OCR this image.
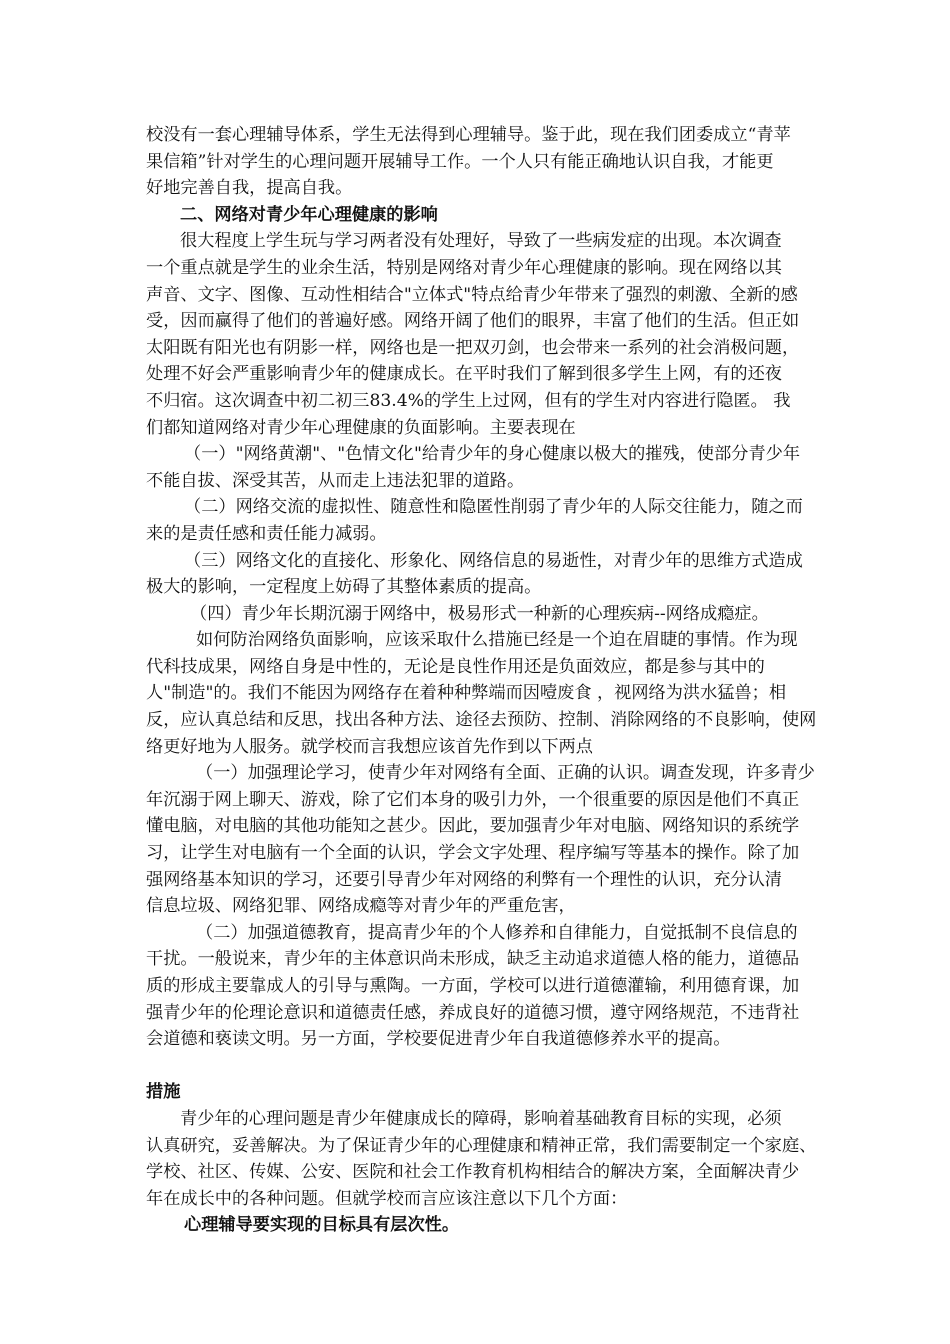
校没有一套心理辅导体系，学生无法得到心理辅导。鉴于此，现在我们团委成立“青苹
果信箱”针对学生的心理问题开展辅导工作。一个人只有能正确地认识自我，才能更
好地完善自我，提高自我。
二、网络对青少年心理健康的影响
很大程度上学生玩与学习两者没有处理好，导致了一些病发症的出现。本次调查
一个重点就是学生的业余生活，特别是网络对青少年心理健康的影响。现在网络以其
声音、文字、图像、互动性相结合"立体式"特点给青少年带来了强烈的刺激、全新的感
受，因而赢得了他们的普遍好感。网络开阔了他们的眼界，丰富了他们的生活。但正如
太阳既有阳光也有阴影一样，网络也是一把双刃剑，也会带来一系列的社会消极问题，
处理不好会严重影响青少年的健康成长。在平时我们了解到很多学生上网，有的还夜
不归宿。这次调查中初二初三83.4%的学生上过网，但有的学生对内容进行隐匿。 我
们都知道网络对青少年心理健康的负面影响。主要表现在
（一）"网络黄潮"、"色情文化"给青少年的身心健康以极大的摧残，使部分青少年
不能自拔、深受其苦，从而走上违法犯罪的道路。
（二）网络交流的虚拟性、随意性和隐匿性削弱了青少年的人际交往能力，随之而
来的是责任感和责任能力减弱。
（三）网络文化的直接化、形象化、网络信息的易逝性，对青少年的思维方式造成
极大的影响，一定程度上妨碍了其整体素质的提高。
（四）青少年长期沉溺于网络中，极易形式一种新的心理疾病--网络成瘾症。
如何防治网络负面影响，应该采取什么措施已经是一个迫在眉睫的事情。作为现
代科技成果，网络自身是中性的，无论是良性作用还是负面效应，都是参与其中的
人"制造"的。我们不能因为网络存在着种种弊端而因噎废食 ，视网络为洪水猛兽；相
反，应认真总结和反思，找出各种方法、途径去预防、控制、消除网络的不良影响，使网
络更好地为人服务。就学校而言我想应该首先作到以下两点
（一）加强理论学习，使青少年对网络有全面、正确的认识。调查发现，许多青少
年沉溺于网上聊天、游戏，除了它们本身的吸引力外，一个很重要的原因是他们不真正
懂电脑，对电脑的其他功能知之甚少。因此，要加强青少年对电脑、网络知识的系统学
习，让学生对电脑有一个全面的认识，学会文字处理、程序编写等基本的操作。除了加
强网络基本知识的学习，还要引导青少年对网络的利弊有一个理性的认识，充分认清
信息垃圾、网络犯罪、网络成瘾等对青少年的严重危害，
（二）加强道德教育，提高青少年的个人修养和自律能力，自觉抵制不良信息的
干扰。一般说来，青少年的主体意识尚未形成，缺乏主动追求道德人格的能力，道德品
质的形成主要靠成人的引导与熏陶。一方面，学校可以进行道德灌输，利用德育课，加
强青少年的伦理论意识和道德责任感，养成良好的道德习惯，遵守网络规范，不违背社
会道德和亵读文明。另一方面，学校要促进青少年自我道德修养水平的提高。
措施
青少年的心理问题是青少年健康成长的障碍，影响着基础教育目标的实现，必须
认真研究，妥善解决。为了保证青少年的心理健康和精神正常，我们需要制定一个家庭、
学校、社区、传媒、公安、医院和社会工作教育机构相结合的解决方案，全面解决青少
年在成长中的各种问题。但就学校而言应该注意以下几个方面：
心理辅导要实现的目标具有层次性。
